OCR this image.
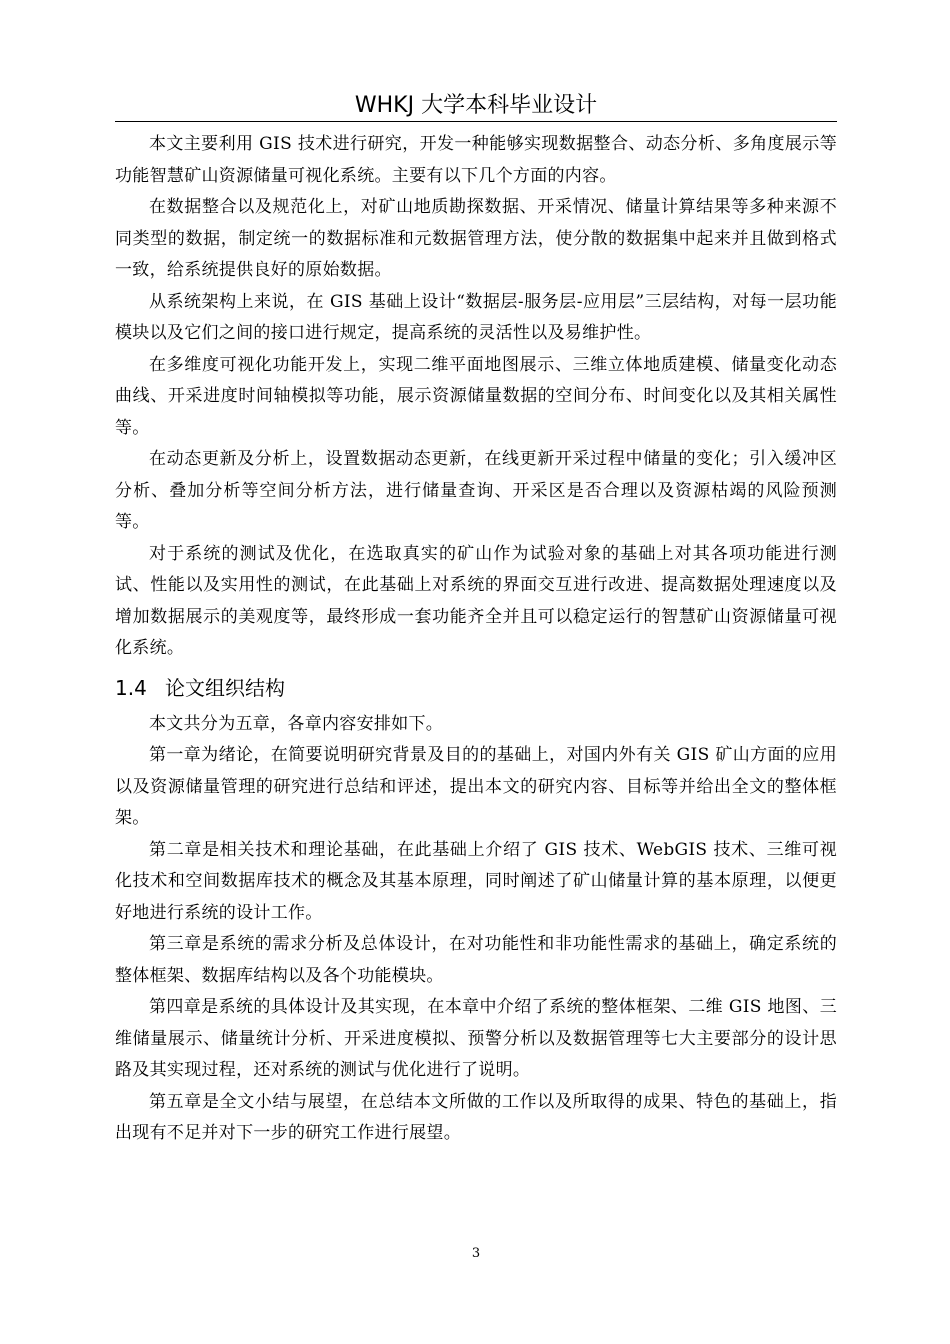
WHKJ 大学本科毕业设计

本文主要利用 GIS 技术进行研究，开发一种能够实现数据整合、动态分析、多角度展示等功能智慧矿山资源储量可视化系统。主要有以下几个方面的内容。

在数据整合以及规范化上，对矿山地质勘探数据、开采情况、储量计算结果等多种来源不同类型的数据，制定统一的数据标准和元数据管理方法，使分散的数据集中起来并且做到格式一致，给系统提供良好的原始数据。

从系统架构上来说，在 GIS 基础上设计“数据层-服务层-应用层”三层结构，对每一层功能模块以及它们之间的接口进行规定，提高系统的灵活性以及易维护性。

在多维度可视化功能开发上，实现二维平面地图展示、三维立体地质建模、储量变化动态曲线、开采进度时间轴模拟等功能，展示资源储量数据的空间分布、时间变化以及其相关属性等。

在动态更新及分析上，设置数据动态更新，在线更新开采过程中储量的变化；引入缓冲区分析、叠加分析等空间分析方法，进行储量查询、开采区是否合理以及资源枯竭的风险预测等。

对于系统的测试及优化，在选取真实的矿山作为试验对象的基础上对其各项功能进行测试、性能以及实用性的测试，在此基础上对系统的界面交互进行改进、提高数据处理速度以及增加数据展示的美观度等，最终形成一套功能齐全并且可以稳定运行的智慧矿山资源储量可视化系统。

1.4 论文组织结构

本文共分为五章，各章内容安排如下。

第一章为绪论，在简要说明研究背景及目的的基础上，对国内外有关 GIS 矿山方面的应用以及资源储量管理的研究进行总结和评述，提出本文的研究内容、目标等并给出全文的整体框架。

第二章是相关技术和理论基础，在此基础上介绍了 GIS 技术、WebGIS 技术、三维可视化技术和空间数据库技术的概念及其基本原理，同时阐述了矿山储量计算的基本原理，以便更好地进行系统的设计工作。

第三章是系统的需求分析及总体设计，在对功能性和非功能性需求的基础上，确定系统的整体框架、数据库结构以及各个功能模块。

第四章是系统的具体设计及其实现，在本章中介绍了系统的整体框架、二维 GIS 地图、三维储量展示、储量统计分析、开采进度模拟、预警分析以及数据管理等七大主要部分的设计思路及其实现过程，还对系统的测试与优化进行了说明。

第五章是全文小结与展望，在总结本文所做的工作以及所取得的成果、特色的基础上，指出现有不足并对下一步的研究工作进行展望。

3
